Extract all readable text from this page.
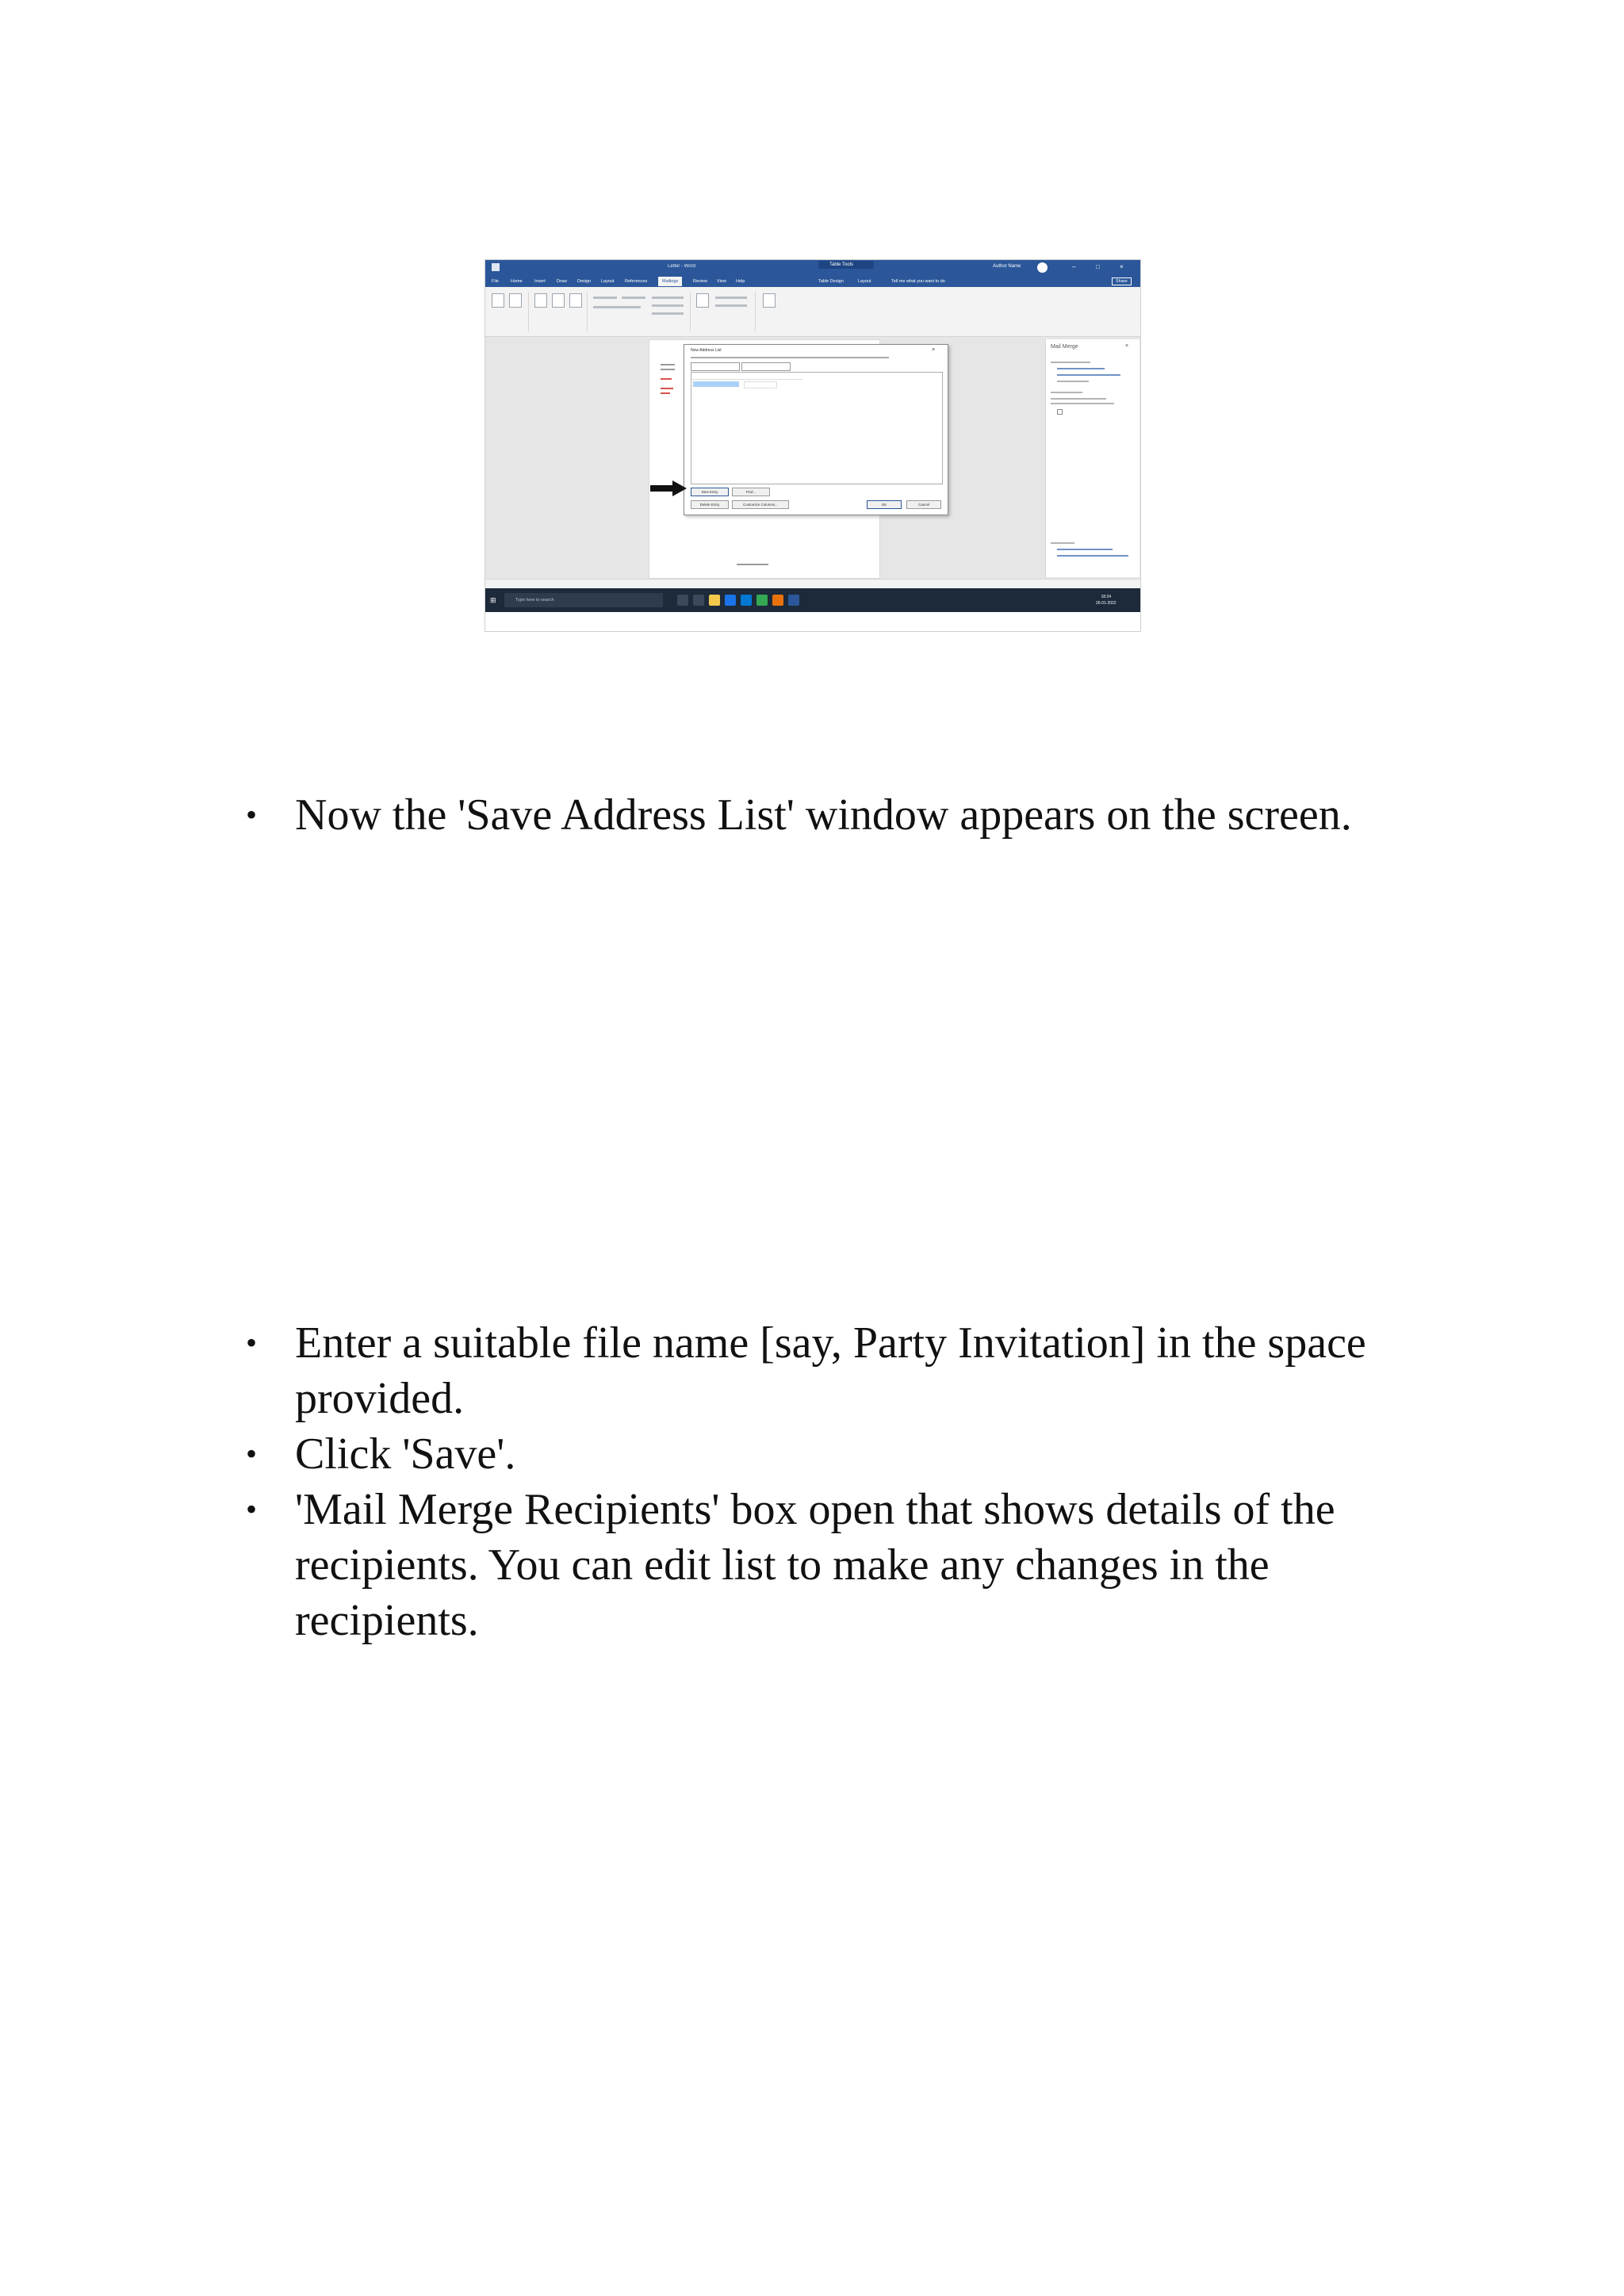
Letter - Word	Table Tools	Author Name	–	□	×
File	Home	Insert	Draw Design Layout References	Mailings	Review View Help	Table Design	Layout	Tell me what you want to do	Share
New Address List	×
New Entry	Find...
Delete Entry	Customize Columns...	OK	Cancel
Mail Merge	×
⊞	Type here to search
18:24
26-01-2022
• Now the 'Save Address List' window appears on the screen.
• Enter a suitable file name [say, Party Invitation] in the space provided.
• Click 'Save'.
• 'Mail Merge Recipients' box open that shows details of the recipients. You can edit list to make any changes in the recipients.
